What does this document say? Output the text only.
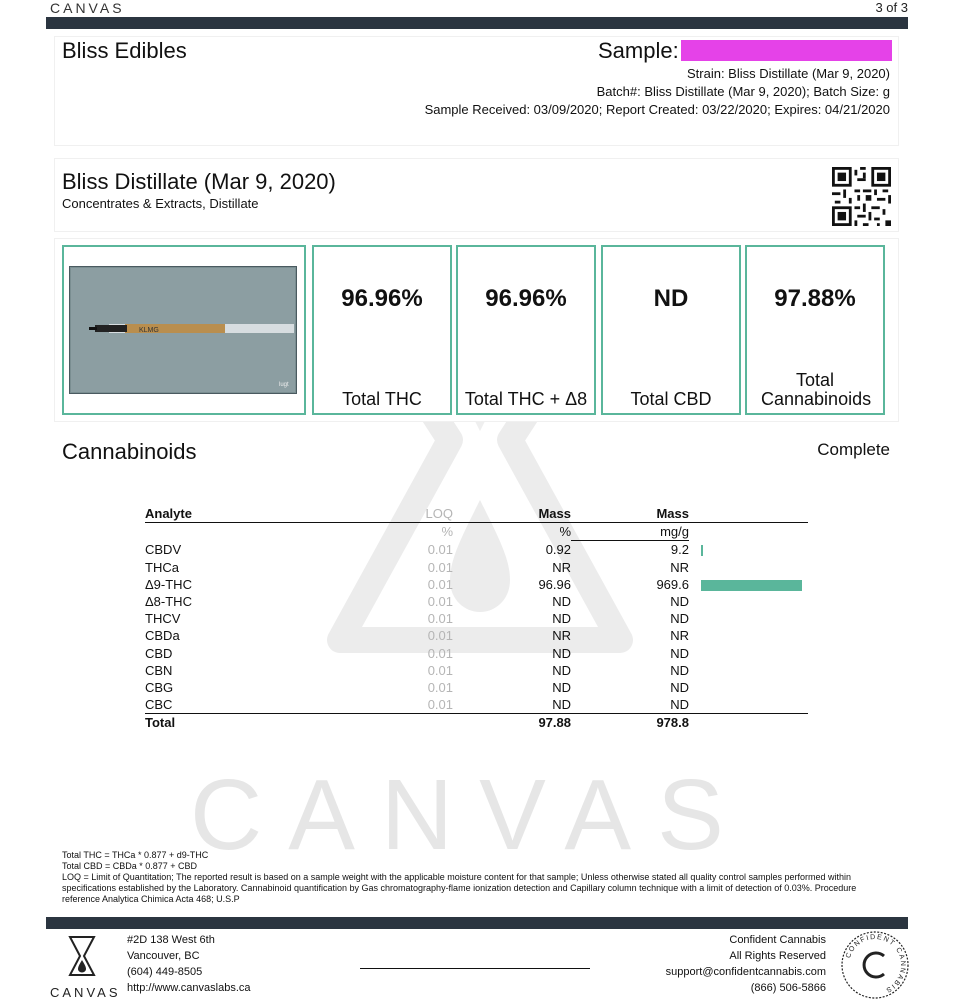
CANVAS
CANVAS	3 of 3
Bliss Edibles	Sample:
Strain: Bliss Distillate (Mar 9, 2020)
Batch#: Bliss Distillate (Mar 9, 2020); Batch Size: g
Sample Received: 03/09/2020; Report Created: 03/22/2020; Expires: 04/21/2020
Bliss Distillate (Mar 9, 2020)
Concentrates & Extracts, Distillate
KLMG
lugt
96.96%
Total THC
96.96%
Total THC + Δ8
ND
Total CBD
97.88%
Total Cannabinoids
Cannabinoids	Complete
Analyte	LOQ	Mass	Mass	
	%	%	mg/g	
CBDV	0.01	0.92	9.2	
THCa	0.01	NR	NR	
Δ9-THC	0.01	96.96	969.6	
Δ8-THC	0.01	ND	ND	
THCV	0.01	ND	ND	
CBDa	0.01	NR	NR	
CBD	0.01	ND	ND	
CBN	0.01	ND	ND	
CBG	0.01	ND	ND	
CBC	0.01	ND	ND	
Total		97.88	978.8	
Total THC = THCa * 0.877 + d9-THC
Total CBD = CBDa * 0.877 + CBD
LOQ = Limit of Quantitation; The reported result is based on a sample weight with the applicable moisture content for that sample; Unless otherwise stated all quality control samples performed within specifications established by the Laboratory. Cannabinoid quantification by Gas chromatography-flame ionization detection and Capillary column technique with a limit of detection of 0.03%. Procedure reference Analytica Chimica Acta 468; U.S.P
CANVAS
#2D 138 West 6th
Vancouver, BC
(604) 449-8505
http://www.canvaslabs.ca
Confident Cannabis
All Rights Reserved
support@confidentcannabis.com
(866) 506-5866
CONFIDENT CANNABIS
